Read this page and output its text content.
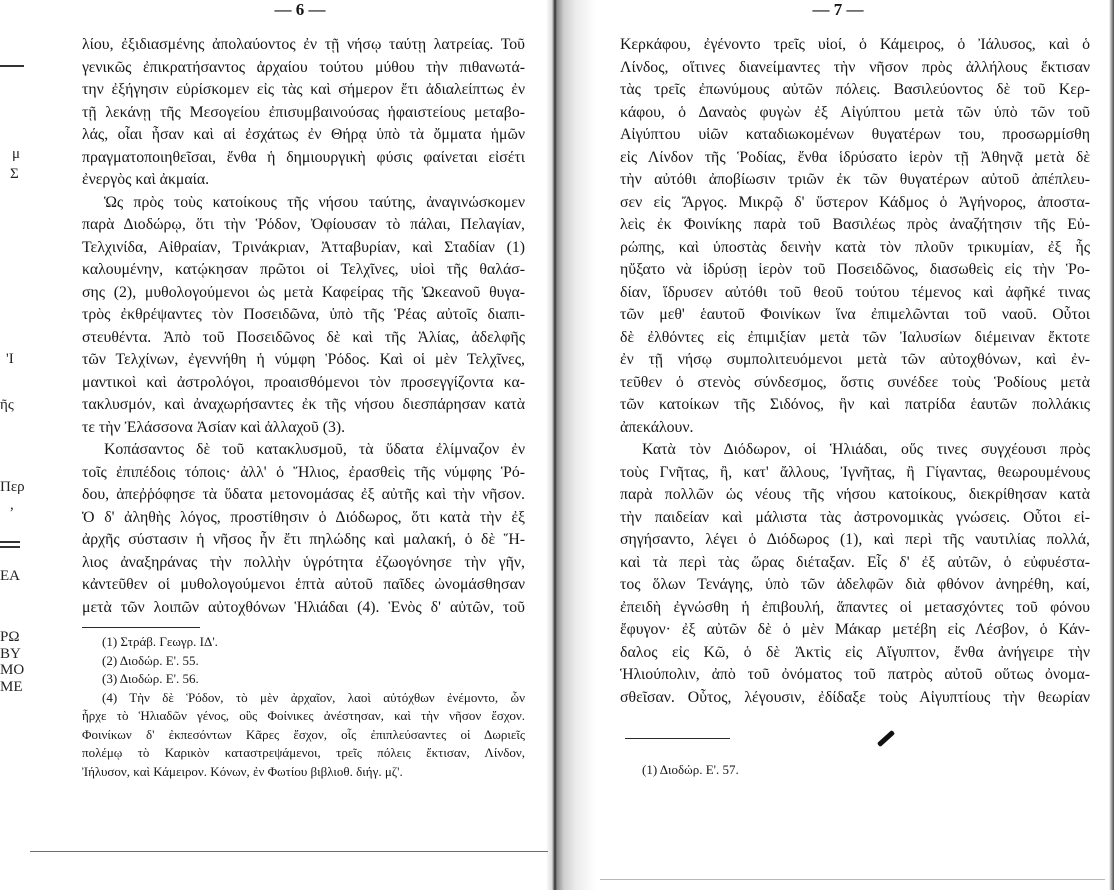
— 6 —
λίου, ἐξιδιασμένης ἀπολαύοντος ἐν τῇ νήσῳ ταύτῃ λατρείας. Τοῦ
γενικῶς ἐπικρατήσαντος ἀρχαίου τούτου μύθου τὴν πιθανωτά-
την ἐξήγησιν εὑρίσκομεν εἰς τὰς καὶ σήμερον ἔτι ἀδιαλείπτως ἐν
τῇ λεκάνῃ τῆς Μεσογείου ἐπισυμβαινούσας ἡφαιστείους μεταβο-
λάς, οἷαι ἦσαν καὶ αἱ ἐσχάτως ἐν Θήρᾳ ὑπὸ τὰ ὄμματα ἡμῶν
πραγματοποιηθεῖσαι, ἔνθα ἡ δημιουργικὴ φύσις φαίνεται εἰσέτι
ἐνεργὸς καὶ ἀκμαία.
Ὡς πρὸς τοὺς κατοίκους τῆς νήσου ταύτης, ἀναγινώσκομεν
παρὰ Διοδώρῳ, ὅτι τὴν Ῥόδον, Ὀφίουσαν τὸ πάλαι, Πελαγίαν,
Τελχινίδα, Αἰθραίαν, Τρινάκριαν, Ἀτταβυρίαν, καὶ Σταδίαν (1)
καλουμένην, κατῴκησαν πρῶτοι οἱ Τελχῖνες, υἱοὶ τῆς θαλάσ-
σης (2), μυθολογούμενοι ὡς μετὰ Καφείρας τῆς Ὠκεανοῦ θυγα-
τρὸς ἐκθρέψαντες τὸν Ποσειδῶνα, ὑπὸ τῆς Ῥέας αὐτοῖς διαπι-
στευθέντα. Ἀπὸ τοῦ Ποσειδῶνος δὲ καὶ τῆς Ἁλίας, ἀδελφῆς
τῶν Τελχίνων, ἐγεννήθη ἡ νύμφη Ῥόδος. Καὶ οἱ μὲν Τελχῖνες,
μαντικοὶ καὶ ἀστρολόγοι, προαισθόμενοι τὸν προσεγγίζοντα κα-
τακλυσμόν, καὶ ἀναχωρήσαντες ἐκ τῆς νήσου διεσπάρησαν κατὰ
τε τὴν Ἐλάσσονα Ἀσίαν καὶ ἀλλαχοῦ (3).
Κοπάσαντος δὲ τοῦ κατακλυσμοῦ, τὰ ὕδατα ἐλίμναζον ἐν
τοῖς ἐπιπέδοις τόποις· ἀλλ' ὁ Ἥλιος, ἐρασθεὶς τῆς νύμφης Ῥό-
δου, ἀπεῤῥόφησε τὰ ὕδατα μετονομάσας ἐξ αὐτῆς καὶ τὴν νῆσον.
Ὁ δ' ἀληθὴς λόγος, προστίθησιν ὁ Διόδωρος, ὅτι κατὰ τὴν ἐξ
ἀρχῆς σύστασιν ἡ νῆσος ἦν ἔτι πηλώδης καὶ μαλακή, ὁ δὲ Ἥ-
λιος ἀναξηράνας τὴν πολλὴν ὑγρότητα ἐζωογόνησε τὴν γῆν,
κἀντεῦθεν οἱ μυθολογούμενοι ἑπτὰ αὐτοῦ παῖδες ὠνομάσθησαν
μετὰ τῶν λοιπῶν αὐτοχθόνων Ἡλιάδαι (4). Ἑνὸς δ' αὐτῶν, τοῦ
(1) Στράβ. Γεωγρ. ΙΔ'.
(2) Διοδώρ. Ε'. 55.
(3) Διοδώρ. Ε'. 56.
(4) Τὴν δὲ Ῥόδον, τὸ μὲν ἀρχαῖον, λαοὶ αὐτόχθων ἐνέμοντο, ὧν
ἦρχε τὸ Ἡλιαδῶν γένος, οὓς Φοίνικες ἀνέστησαν, καὶ τὴν νῆσον ἔσχον.
Φοινίκων δ' ἐκπεσόντων Κᾶρες ἔσχον, οἷς ἐπιπλεύσαντες οἱ Δωριεῖς
πολέμῳ τὸ Καρικὸν καταστρεψάμενοι, τρεῖς πόλεις ἔκτισαν, Λίνδον,
Ἰήλυσον, καὶ Κάμειρον. Κόνων, ἐν Φωτίου βιβλιοθ. διήγ. μζ'.
μ
Σ
'Ι
ῆς
Περ
,
ΕΑ
ΡΩ
ΒΥ
ΜΟ
ΜΕ
— 7 —
Κερκάφου, ἐγένοντο τρεῖς υἱοί, ὁ Κάμειρος, ὁ Ἰάλυσος, καὶ ὁ
Λίνδος, οἵτινες διανείμαντες τὴν νῆσον πρὸς ἀλλήλους ἔκτισαν
τὰς τρεῖς ἐπωνύμους αὐτῶν πόλεις. Βασιλεύοντος δὲ τοῦ Κερ-
κάφου, ὁ Δαναὸς φυγὼν ἐξ Αἰγύπτου μετὰ τῶν ὑπὸ τῶν τοῦ
Αἰγύπτου υἱῶν καταδιωκομένων θυγατέρων του, προσωρμίσθη
εἰς Λίνδον τῆς Ῥοδίας, ἔνθα ἱδρύσατο ἱερὸν τῇ Ἀθηνᾷ μετὰ δὲ
τὴν αὐτόθι ἀποβίωσιν τριῶν ἐκ τῶν θυγατέρων αὐτοῦ ἀπέπλευ-
σεν εἰς Ἄργος. Μικρῷ δ' ὕστερον Κάδμος ὁ Ἀγήνορος, ἀποστα-
λεὶς ἐκ Φοινίκης παρὰ τοῦ Βασιλέως πρὸς ἀναζήτησιν τῆς Εὐ-
ρώπης, καὶ ὑποστὰς δεινὴν κατὰ τὸν πλοῦν τρικυμίαν, ἐξ ἧς
ηὔξατο νὰ ἱδρύσῃ ἱερὸν τοῦ Ποσειδῶνος, διασωθεὶς εἰς τὴν Ῥο-
δίαν, ἵδρυσεν αὐτόθι τοῦ θεοῦ τούτου τέμενος καὶ ἀφῆκέ τινας
τῶν μεθ' ἑαυτοῦ Φοινίκων ἵνα ἐπιμελῶνται τοῦ ναοῦ. Οὗτοι
δὲ ἐλθόντες εἰς ἐπιμιξίαν μετὰ τῶν Ἰαλυσίων διέμειναν ἔκτοτε
ἐν τῇ νήσῳ συμπολιτευόμενοι μετὰ τῶν αὐτοχθόνων, καὶ ἐν-
τεῦθεν ὁ στενὸς σύνδεσμος, ὅστις συνέδεε τοὺς Ῥοδίους μετὰ
τῶν κατοίκων τῆς Σιδόνος, ἣν καὶ πατρίδα ἑαυτῶν πολλάκις
ἀπεκάλουν.
Κατὰ τὸν Διόδωρον, οἱ Ἡλιάδαι, οὕς τινες συγχέουσι πρὸς
τοὺς Γνῆτας, ἢ, κατ' ἄλλους, Ἰγνῆτας, ἢ Γίγαντας, θεωρουμένους
παρὰ πολλῶν ὡς νέους τῆς νήσου κατοίκους, διεκρίθησαν κατὰ
τὴν παιδείαν καὶ μάλιστα τὰς ἀστρονομικὰς γνώσεις. Οὗτοι εἰ-
σηγήσαντο, λέγει ὁ Διόδωρος (1), καὶ περὶ τῆς ναυτιλίας πολλά,
καὶ τὰ περὶ τὰς ὥρας διέταξαν. Εἷς δ' ἐξ αὐτῶν, ὁ εὐφυέστα-
τος ὅλων Τενάγης, ὑπὸ τῶν ἀδελφῶν διὰ φθόνον ἀνηρέθη, καί,
ἐπειδὴ ἐγνώσθη ἡ ἐπιβουλή, ἅπαντες οἱ μετασχόντες τοῦ φόνου
ἔφυγον· ἐξ αὐτῶν δὲ ὁ μὲν Μάκαρ μετέβη εἰς Λέσβον, ὁ Κάν-
δαλος εἰς Κῶ, ὁ δὲ Ἀκτὶς εἰς Αἴγυπτον, ἔνθα ἀνήγειρε τὴν
Ἡλιούπολιν, ἀπὸ τοῦ ὀνόματος τοῦ πατρὸς αὐτοῦ οὕτως ὀνομα-
σθεῖσαν. Οὗτος, λέγουσιν, ἐδίδαξε τοὺς Αἰγυπτίους τὴν θεωρίαν
(1) Διοδώρ. Ε'. 57.
